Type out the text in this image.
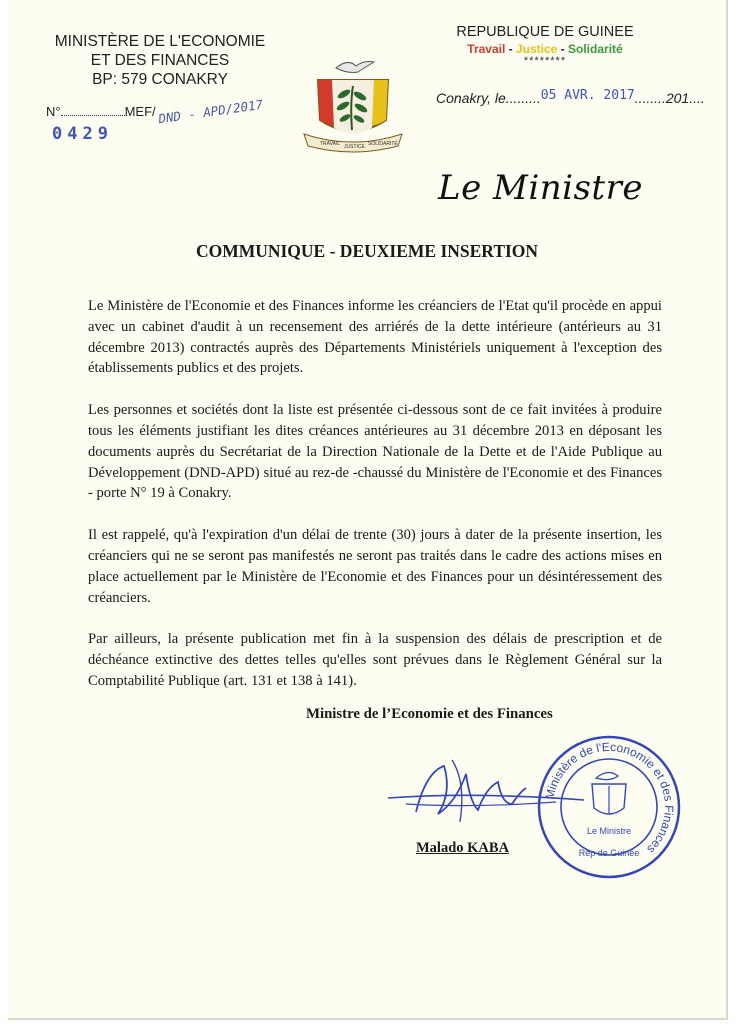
MINISTÈRE DE L'ECONOMIE
ET DES FINANCES
BP: 579 CONAKRY
N°	MEF/DND - APD/2017
0429	TRAVAIL JUSTICE SOLIDARITÉ
REPUBLIQUE DE GUINEE
Travail - Justice - Solidarité
********
Conakry, le.........05 AVR. 2017........201....
Le Ministre
COMMUNIQUE - DEUXIEME INSERTION

Le Ministère de l'Economie et des Finances informe les créanciers de l'Etat qu'il procède en appui avec un cabinet d'audit à un recensement des arriérés de la dette intérieure (antérieurs au 31 décembre 2013) contractés auprès des Départements Ministériels uniquement à l'exception des établissements publics et des projets.

Les personnes et sociétés dont la liste est présentée ci-dessous sont de ce fait invitées à produire tous les éléments justifiant les dites créances antérieures au 31 décembre 2013 en déposant les documents auprès du Secrétariat de la Direction Nationale de la Dette et de l'Aide Publique au Développement (DND-APD) situé au rez-de -chaussé du Ministère de l'Economie et des Finances - porte N° 19 à Conakry.

Il est rappelé, qu'à l'expiration d'un délai de trente (30) jours à dater de la présente insertion, les créanciers qui ne se seront pas manifestés ne seront pas traités dans le cadre des actions mises en place actuellement par le Ministère de l'Economie et des Finances pour un désintéressement des créanciers.

Par ailleurs, la présente publication met fin à la suspension des délais de prescription et de déchéance extinctive des dettes telles qu'elles sont prévues dans le Règlement Général sur la Comptabilité Publique (art. 131 et 138 à 141).

Ministre de l’Economie et des Finances
Ministère de l'Economie et des Finances
Le Ministre
Rép de Guinée
Malado KABA
